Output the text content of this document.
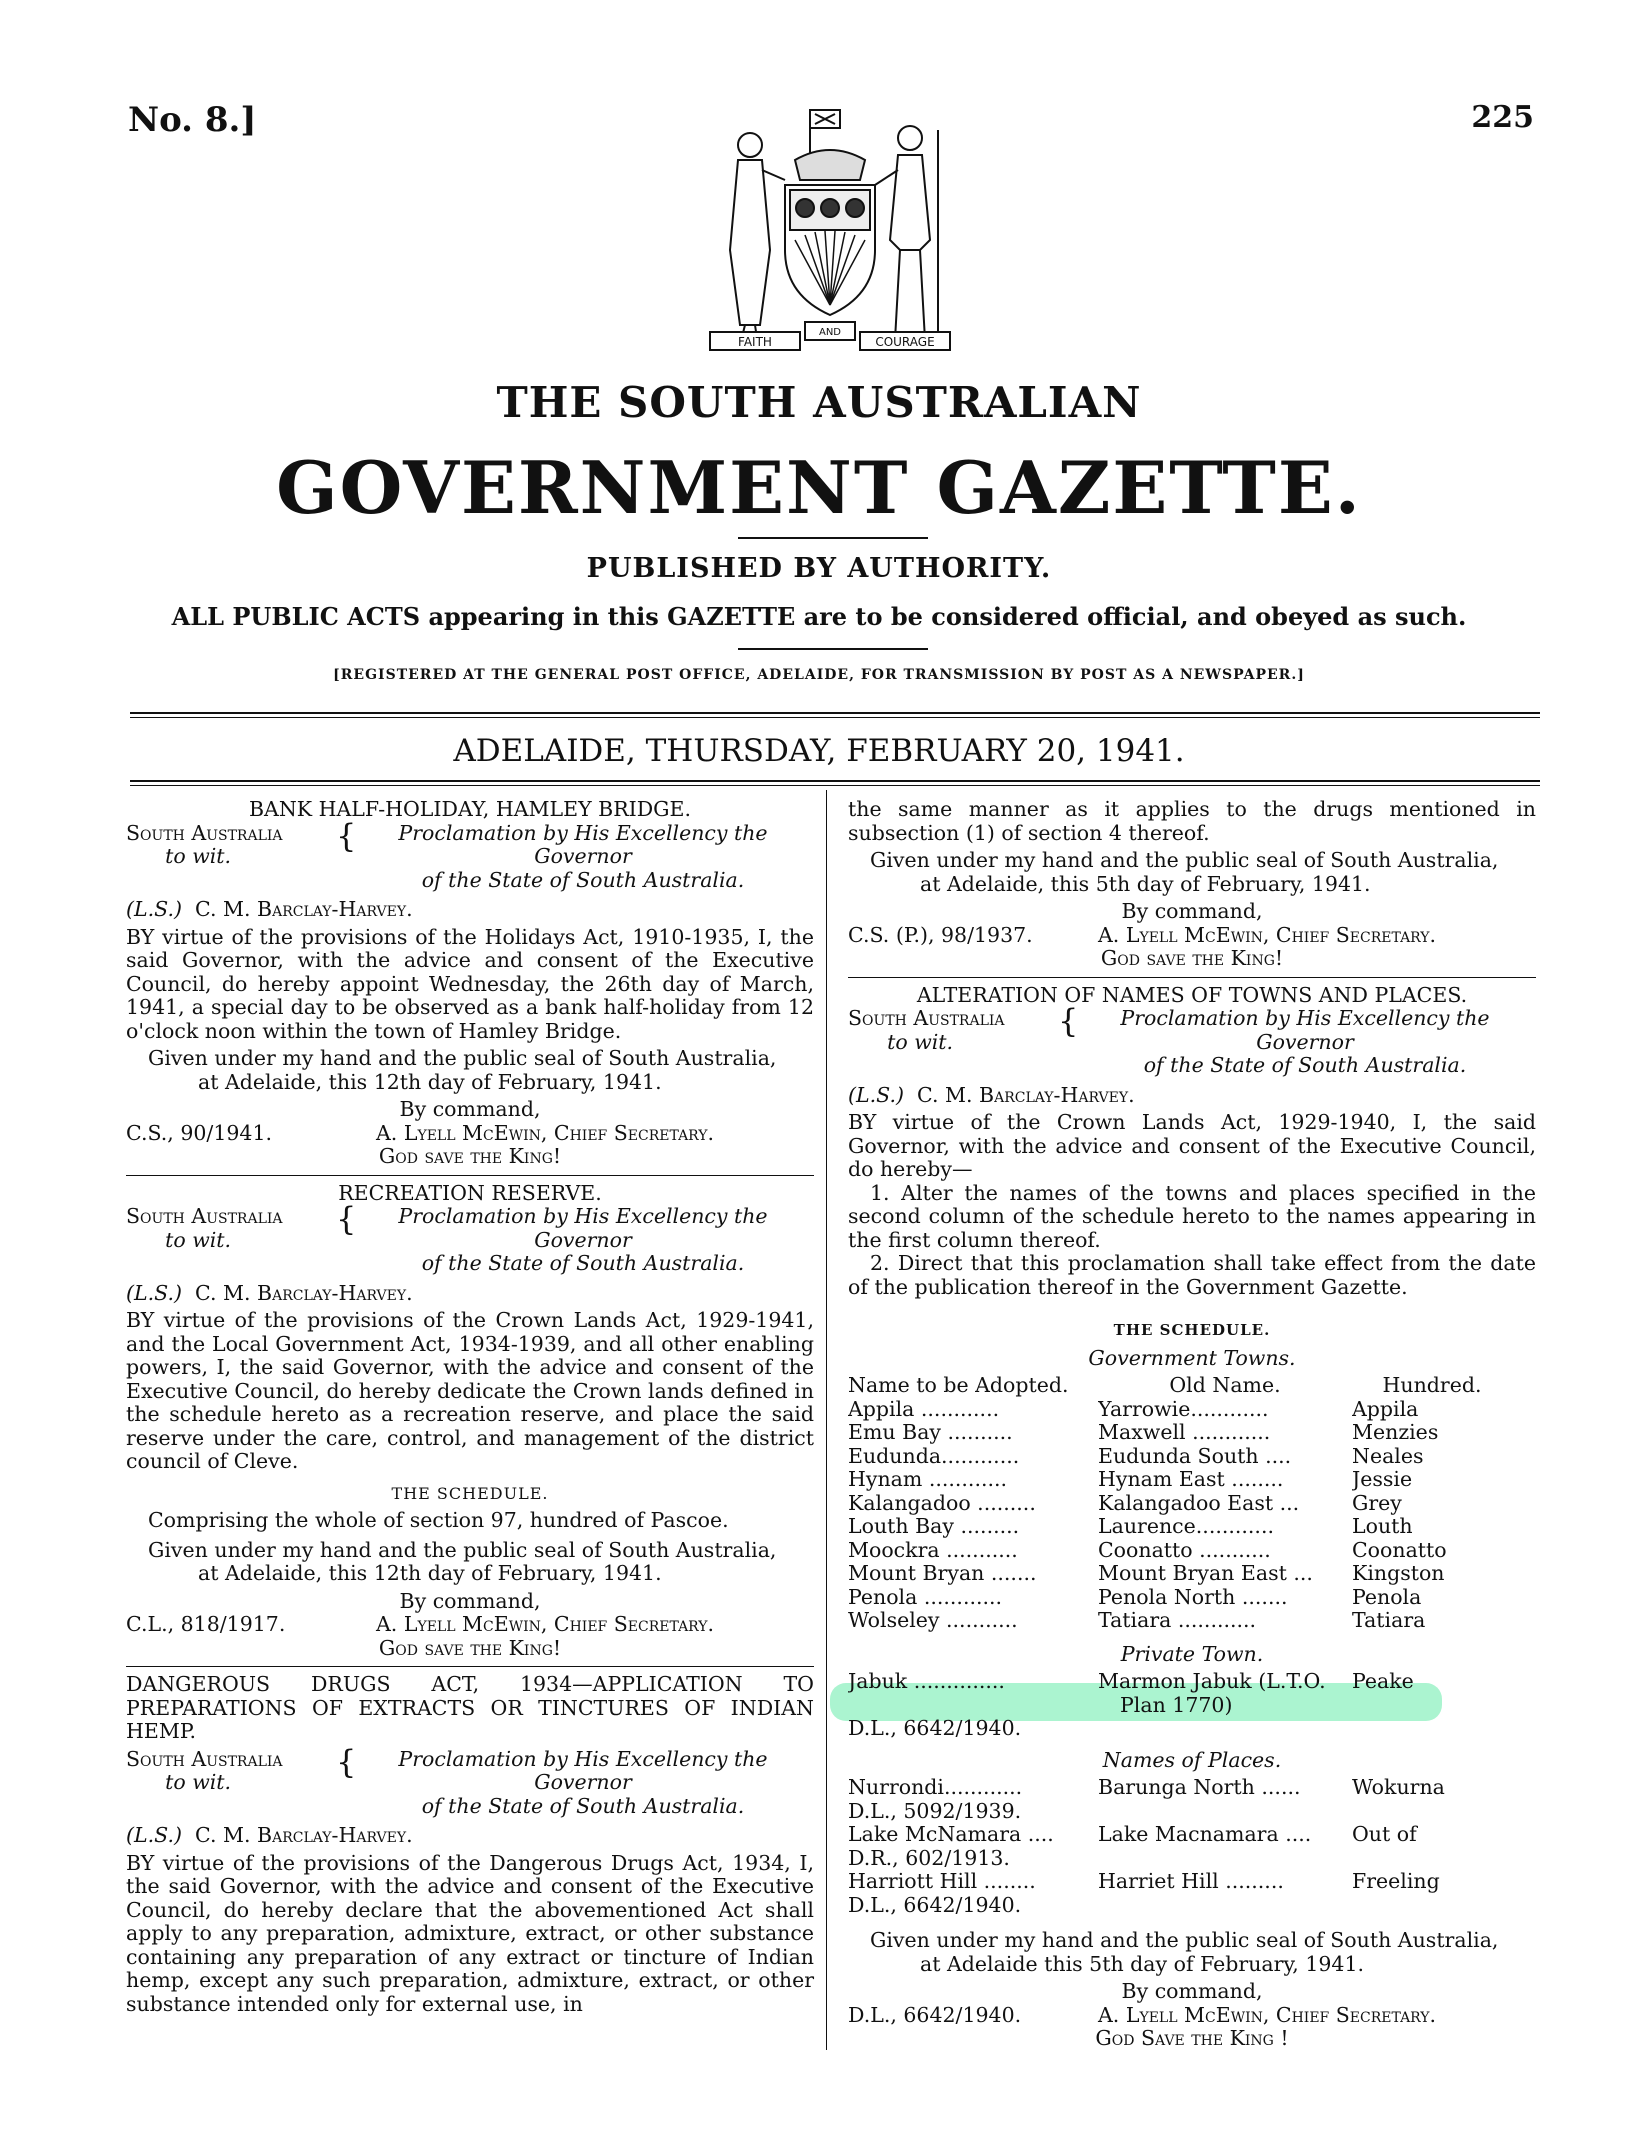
No. 8.]	225
FAITH
AND
COURAGE
THE SOUTH AUSTRALIAN
GOVERNMENT GAZETTE.
PUBLISHED BY AUTHORITY.
ALL PUBLIC ACTS appearing in this GAZETTE are to be considered official, and obeyed as such.
[REGISTERED AT THE GENERAL POST OFFICE, ADELAIDE, FOR TRANSMISSION BY POST AS A NEWSPAPER.]
ADELAIDE, THURSDAY, FEBRUARY 20, 1941.

BANK HALF-HOLIDAY, HAMLEY BRIDGE.

South Australia
to wit.
{	Proclamation by His Excellency the Governor
of the State of South Australia.

(L.S.) C. M. Barclay-Harvey.

BY virtue of the provisions of the Holidays Act, 1910-1935, I, the said Governor, with the advice and consent of the Executive Council, do hereby appoint Wednesday, the 26th day of March, 1941, a special day to be observed as a bank half-holiday from 12 o'clock noon within the town of Hamley Bridge.

Given under my hand and the public seal of South Australia,

at Adelaide, this 12th day of February, 1941.

By command,

C.S., 90/1941.	A. Lyell McEwin, Chief Secretary.

God save the King!

RECREATION RESERVE.

South Australia
to wit.
{	Proclamation by His Excellency the Governor
of the State of South Australia.

(L.S.) C. M. Barclay-Harvey.

BY virtue of the provisions of the Crown Lands Act, 1929-1941, and the Local Government Act, 1934-1939, and all other enabling powers, I, the said Governor, with the advice and consent of the Executive Council, do hereby dedicate the Crown lands defined in the schedule hereto as a recreation reserve, and place the said reserve under the care, control, and management of the district council of Cleve.

THE SCHEDULE.

Comprising the whole of section 97, hundred of Pascoe.

Given under my hand and the public seal of South Australia,

at Adelaide, this 12th day of February, 1941.

By command,

C.L., 818/1917.	A. Lyell McEwin, Chief Secretary.

God save the King!

DANGEROUS DRUGS ACT, 1934—APPLICATION TO PREPARATIONS OF EXTRACTS OR TINCTURES OF INDIAN HEMP.

South Australia
to wit.
{	Proclamation by His Excellency the Governor
of the State of South Australia.

(L.S.) C. M. Barclay-Harvey.

BY virtue of the provisions of the Dangerous Drugs Act, 1934, I, the said Governor, with the advice and consent of the Executive Council, do hereby declare that the abovementioned Act shall apply to any preparation, admixture, extract, or other substance containing any preparation of any extract or tincture of Indian hemp, except any such preparation, admixture, extract, or other substance intended only for external use, in

the same manner as it applies to the drugs mentioned in subsection (1) of section 4 thereof.

Given under my hand and the public seal of South Australia,

at Adelaide, this 5th day of February, 1941.

By command,

C.S. (P.), 98/1937.	A. Lyell McEwin, Chief Secretary.

God save the King!

ALTERATION OF NAMES OF TOWNS AND PLACES.

South Australia
to wit.
{	Proclamation by His Excellency the Governor
of the State of South Australia.

(L.S.) C. M. Barclay-Harvey.

BY virtue of the Crown Lands Act, 1929-1940, I, the said Governor, with the advice and consent of the Executive Council, do hereby—

1. Alter the names of the towns and places specified in the second column of the schedule hereto to the names appearing in the first column thereof.

2. Direct that this proclamation shall take effect from the date of the publication thereof in the Government Gazette.

THE SCHEDULE.

Government Towns.

Name to be Adopted.	Old Name.	Hundred.
Appila ............	Yarrowie............	Appila
Emu Bay ..........	Maxwell ............	Menzies
Eudunda............	Eudunda South ....	Neales
Hynam ............	Hynam East ........	Jessie
Kalangadoo .........	Kalangadoo East ...	Grey
Louth Bay .........	Laurence............	Louth
Moockra ...........	Coonatto ...........	Coonatto
Mount Bryan .......	Mount Bryan East ...	Kingston
Penola ............	Penola North .......	Penola
Wolseley ...........	Tatiara ............	Tatiara

Private Town.

Jabuk ..............	Marmon Jabuk (L.T.O.	Peake
Plan 1770)

D.L., 6642/1940.

Names of Places.

Nurrondi............	Barunga North ......	Wokurna

D.L., 5092/1939.

Lake McNamara ....	Lake Macnamara ....	Out of

D.R., 602/1913.

Harriott Hill ........	Harriet Hill .........	Freeling

D.L., 6642/1940.

Given under my hand and the public seal of South Australia,

at Adelaide this 5th day of February, 1941.

By command,

D.L., 6642/1940.	A. Lyell McEwin, Chief Secretary.

God Save the King !
